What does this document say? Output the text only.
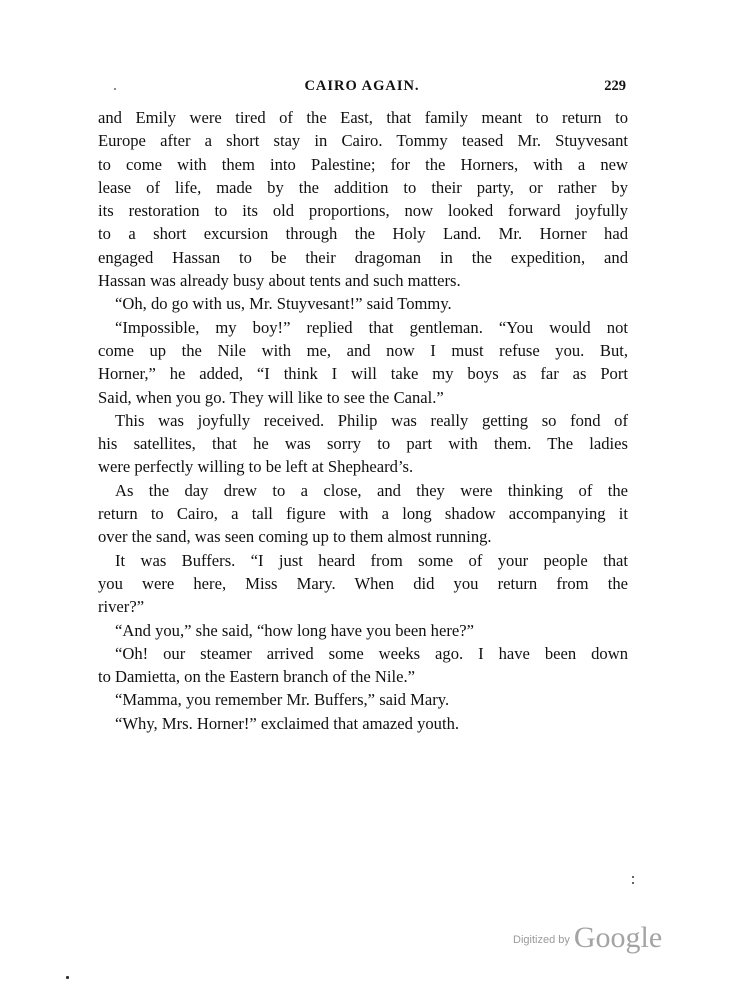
CAIRO AGAIN.	229
and Emily were tired of the East, that family meant to return to
Europe after a short stay in Cairo. Tommy teased Mr. Stuyvesant
to come with them into Palestine; for the Horners, with a new
lease of life, made by the addition to their party, or rather by
its restoration to its old proportions, now looked forward joyfully
to a short excursion through the Holy Land. Mr. Horner had
engaged Hassan to be their dragoman in the expedition, and
Hassan was already busy about tents and such matters.
“Oh, do go with us, Mr. Stuyvesant!” said Tommy.
“Impossible, my boy!” replied that gentleman. “You would not
come up the Nile with me, and now I must refuse you. But,
Horner,” he added, “I think I will take my boys as far as Port
Said, when you go. They will like to see the Canal.”
This was joyfully received. Philip was really getting so fond of
his satellites, that he was sorry to part with them. The ladies
were perfectly willing to be left at Shepheard’s.
As the day drew to a close, and they were thinking of the
return to Cairo, a tall figure with a long shadow accompanying it
over the sand, was seen coming up to them almost running.
It was Buffers. “I just heard from some of your people that
you were here, Miss Mary. When did you return from the
river?”
“And you,” she said, “how long have you been here?”
“Oh! our steamer arrived some weeks ago. I have been down
to Damietta, on the Eastern branch of the Nile.”
“Mamma, you remember Mr. Buffers,” said Mary.
“Why, Mrs. Horner!” exclaimed that amazed youth.
$^{Digitized by}$ Google
